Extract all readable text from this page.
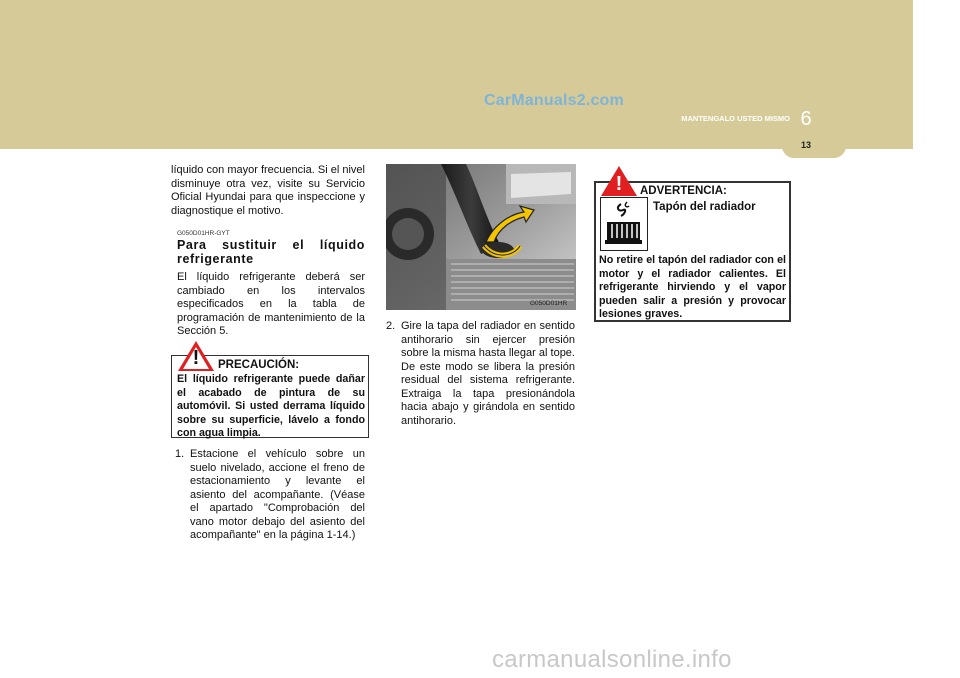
CarManuals2.com
6
MANTENGALO USTED MISMO
13

líquido con mayor frecuencia. Si el nivel disminuye otra vez, visite su Servicio Oficial Hyundai para que inspeccione y diagnostique el motivo.

G050D01HR-GYT
Para sustituir el líquido
refrigerante

El líquido refrigerante deberá ser cambiado en los intervalos especificados en la tabla de programación de mantenimiento de la Sección 5.

!	PRECAUCIÓN:

El líquido refrigerante puede dañar el acabado de pintura de su automóvil. Si usted derrama líquido sobre su superficie, lávelo a fondo con agua limpia.

1. Estacione el vehículo sobre un suelo nivelado, accione el freno de estacionamiento y levante el asiento del acompañante. (Véase el apartado "Comprobación del vano motor debajo del asiento del acompañante" en la página 1-14.)

G050D01HR
2. Gire la tapa del radiador en sentido antihorario sin ejercer presión sobre la misma hasta llegar al tope. De este modo se libera la presión residual del sistema refrigerante. Extraiga la tapa presionándola hacia abajo y girándola en sentido antihorario.

!	ADVERTENCIA:
Tapón del radiador

No retire el tapón del radiador con el motor y el radiador calientes. El refrigerante hirviendo y el vapor pueden salir a presión y provocar lesiones graves.

carmanualsonline.info
